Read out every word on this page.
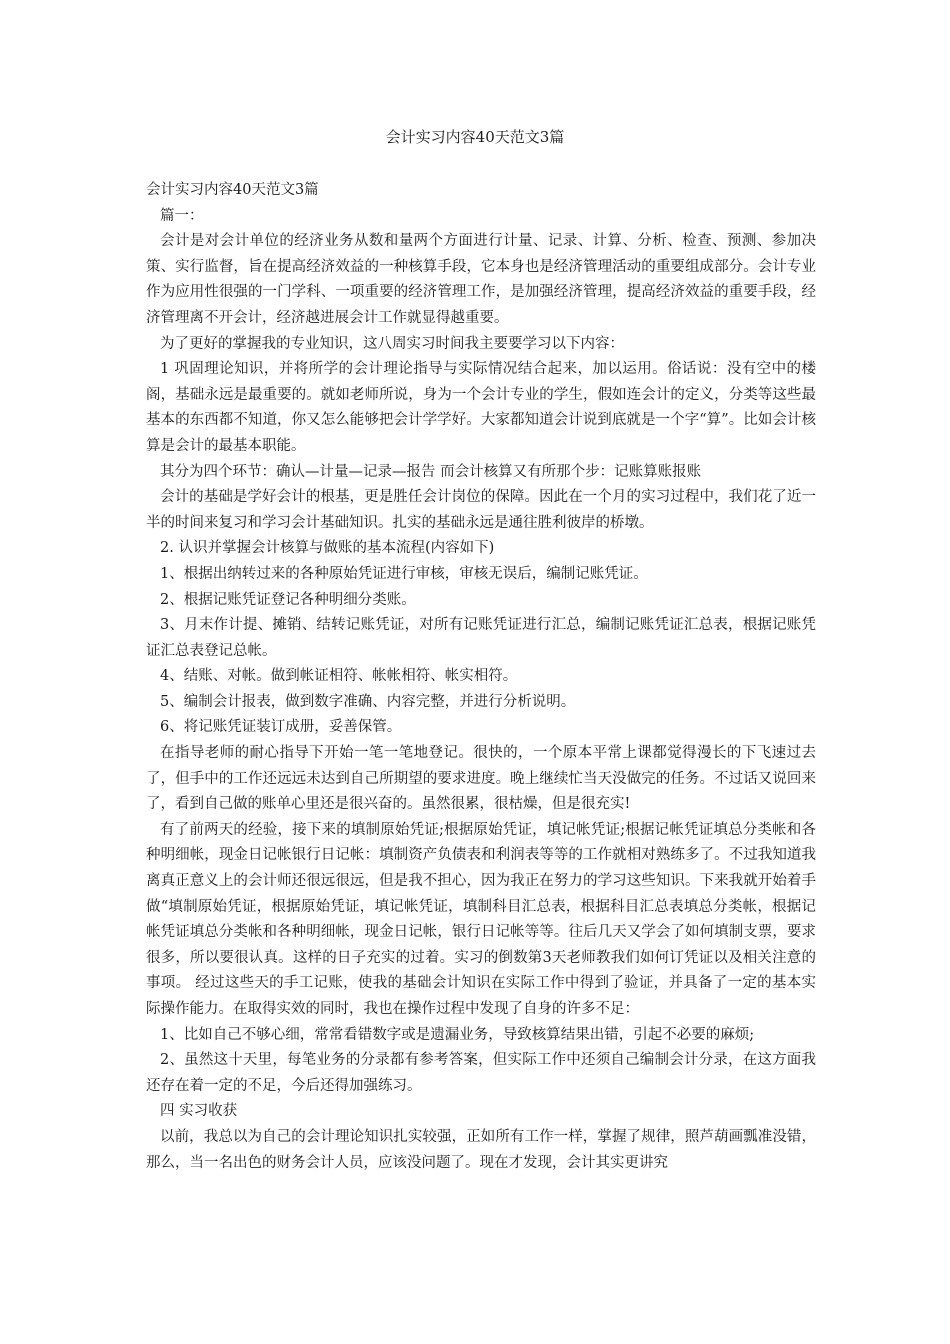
会计实习内容40天范文3篇

会计实习内容40天范文3篇

篇一：

会计是对会计单位的经济业务从数和量两个方面进行计量、记录、计算、分析、检查、预测、参加决策、实行监督，旨在提高经济效益的一种核算手段，它本身也是经济管理活动的重要组成部分。会计专业作为应用性很强的一门学科、一项重要的经济管理工作，是加强经济管理，提高经济效益的重要手段，经济管理离不开会计，经济越进展会计工作就显得越重要。

为了更好的掌握我的专业知识，这八周实习时间我主要要学习以下内容：

1 巩固理论知识，并将所学的会计理论指导与实际情况结合起来，加以运用。俗话说：没有空中的楼阁，基础永远是最重要的。就如老师所说，身为一个会计专业的学生，假如连会计的定义，分类等这些最基本的东西都不知道，你又怎么能够把会计学学好。大家都知道会计说到底就是一个字“算”。比如会计核算是会计的最基本职能。

其分为四个环节：确认—计量—记录—报告 而会计核算又有所那个步：记账算账报账

会计的基础是学好会计的根基，更是胜任会计岗位的保障。因此在一个月的实习过程中，我们花了近一半的时间来复习和学习会计基础知识。扎实的基础永远是通往胜利彼岸的桥墩。

2. 认识并掌握会计核算与做账的基本流程(内容如下)

1、根据出纳转过来的各种原始凭证进行审核，审核无误后，编制记账凭证。

2、根据记账凭证登记各种明细分类账。

3、月末作计提、摊销、结转记账凭证，对所有记账凭证进行汇总，编制记账凭证汇总表，根据记账凭证汇总表登记总帐。

4、结账、对帐。做到帐证相符、帐帐相符、帐实相符。

5、编制会计报表，做到数字准确、内容完整，并进行分析说明。

6、将记账凭证装订成册，妥善保管。

在指导老师的耐心指导下开始一笔一笔地登记。很快的，一个原本平常上课都觉得漫长的下飞速过去了，但手中的工作还远远未达到自己所期望的要求进度。晚上继续忙当天没做完的任务。不过话又说回来了，看到自己做的账单心里还是很兴奋的。虽然很累，很枯燥，但是很充实!

有了前两天的经验，接下来的填制原始凭证;根据原始凭证，填记帐凭证;根据记帐凭证填总分类帐和各种明细帐，现金日记帐银行日记帐：填制资产负债表和利润表等等的工作就相对熟练多了。不过我知道我离真正意义上的会计师还很远很远，但是我不担心，因为我正在努力的学习这些知识。下来我就开始着手做“填制原始凭证，根据原始凭证，填记帐凭证，填制科目汇总表，根据科目汇总表填总分类帐，根据记帐凭证填总分类帐和各种明细帐，现金日记帐，银行日记帐等等。往后几天又学会了如何填制支票，要求很多，所以要很认真。这样的日子充实的过着。实习的倒数第3天老师教我们如何订凭证以及相关注意的事项。 经过这些天的手工记账，使我的基础会计知识在实际工作中得到了验证，并具备了一定的基本实际操作能力。在取得实效的同时，我也在操作过程中发现了自身的许多不足：

1、比如自己不够心细，常常看错数字或是遗漏业务，导致核算结果出错，引起不必要的麻烦;

2、虽然这十天里，每笔业务的分录都有参考答案，但实际工作中还须自己编制会计分录，在这方面我还存在着一定的不足，今后还得加强练习。

四 实习收获

以前，我总以为自己的会计理论知识扎实较强，正如所有工作一样，掌握了规律，照芦葫画瓢准没错，那么，当一名出色的财务会计人员，应该没问题了。现在才发现，会计其实更讲究
